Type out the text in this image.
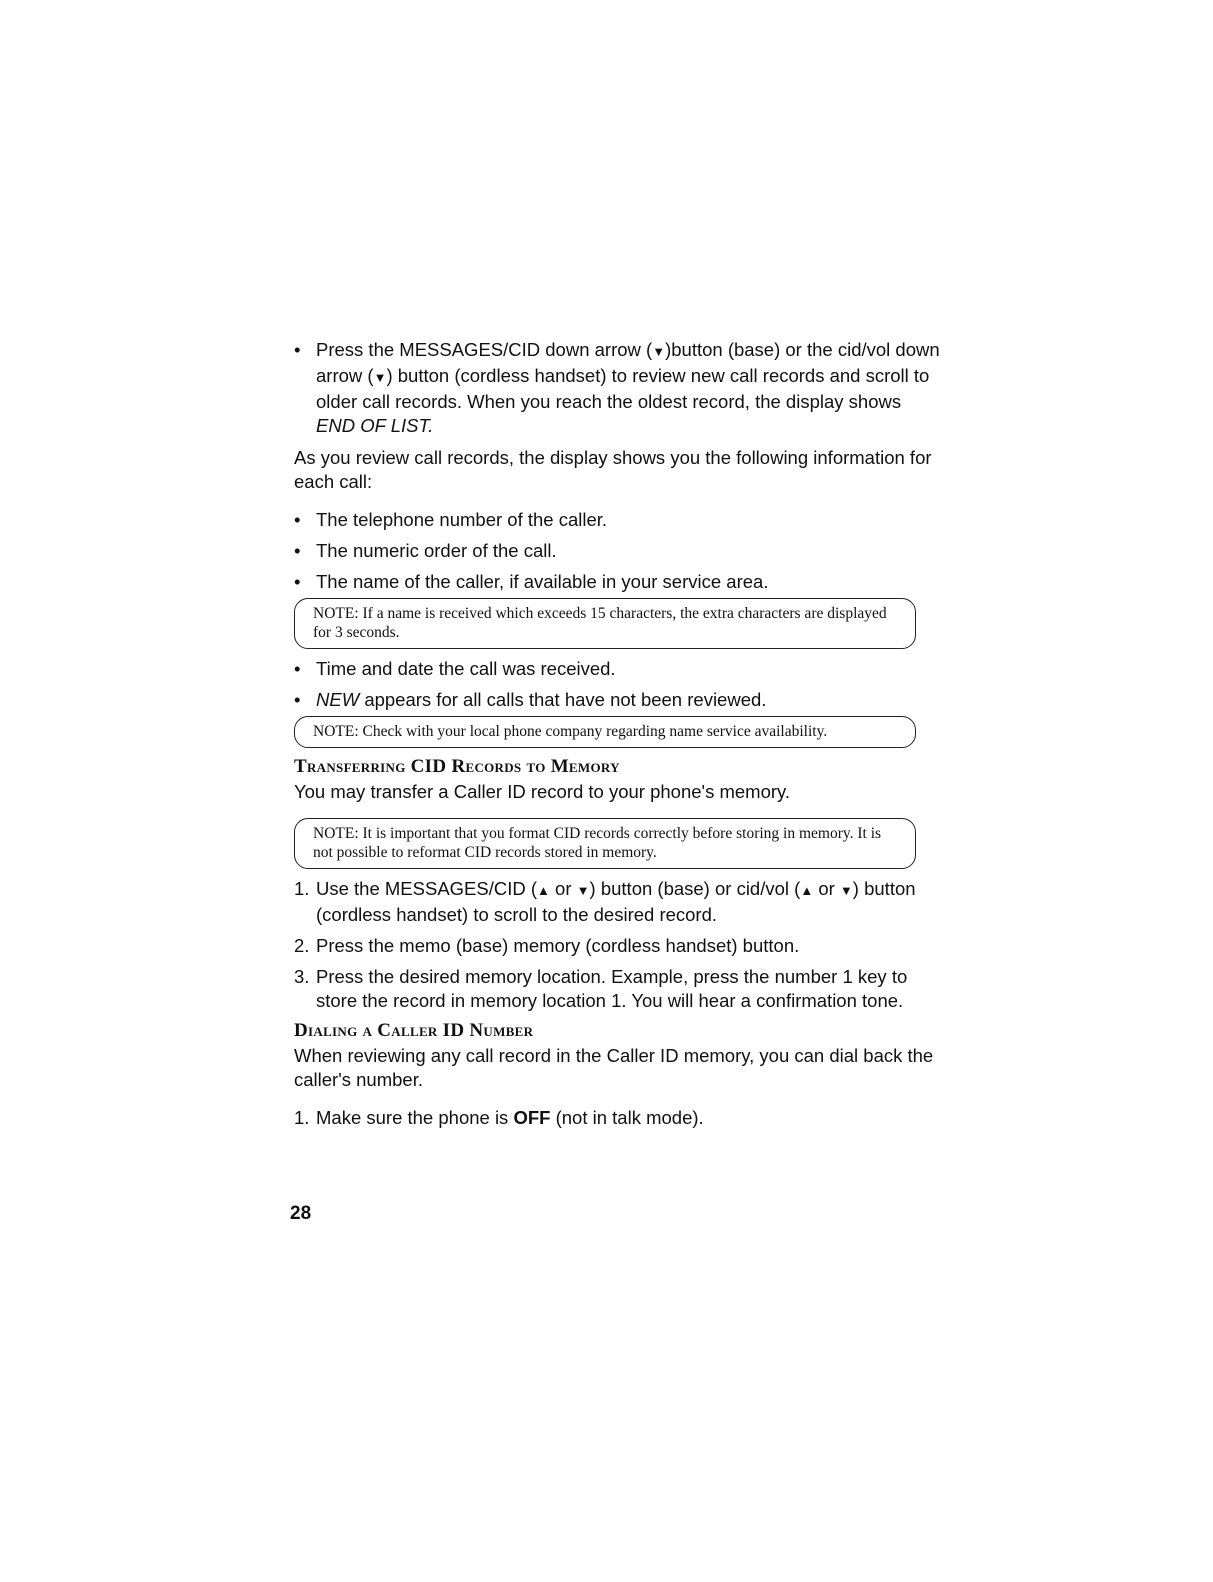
• Press the MESSAGES/CID down arrow (▼)button (base) or the cid/vol down arrow (▼) button (cordless handset) to review new call records and scroll to older call records. When you reach the oldest record, the display shows END OF LIST.

As you review call records, the display shows you the following information for each call:

• The telephone number of the caller.
• The numeric order of the call.
• The name of the caller, if available in your service area.
NOTE: If a name is received which exceeds 15 characters, the extra characters are displayed for 3 seconds.
• Time and date the call was received.
• NEW appears for all calls that have not been reviewed.
NOTE: Check with your local phone company regarding name service availability.
Transferring CID Records to Memory

You may transfer a Caller ID record to your phone's memory.

NOTE: It is important that you format CID records correctly before storing in memory. It is not possible to reformat CID records stored in memory.
1. Use the MESSAGES/CID (▲ or ▼) button (base) or cid/vol (▲ or ▼) button (cordless handset) to scroll to the desired record.
2. Press the memo (base) memory (cordless handset) button.
3. Press the desired memory location. Example, press the number 1 key to store the record in memory location 1. You will hear a confirmation tone.
Dialing a Caller ID Number

When reviewing any call record in the Caller ID memory, you can dial back the caller's number.

1. Make sure the phone is OFF (not in talk mode).
28
